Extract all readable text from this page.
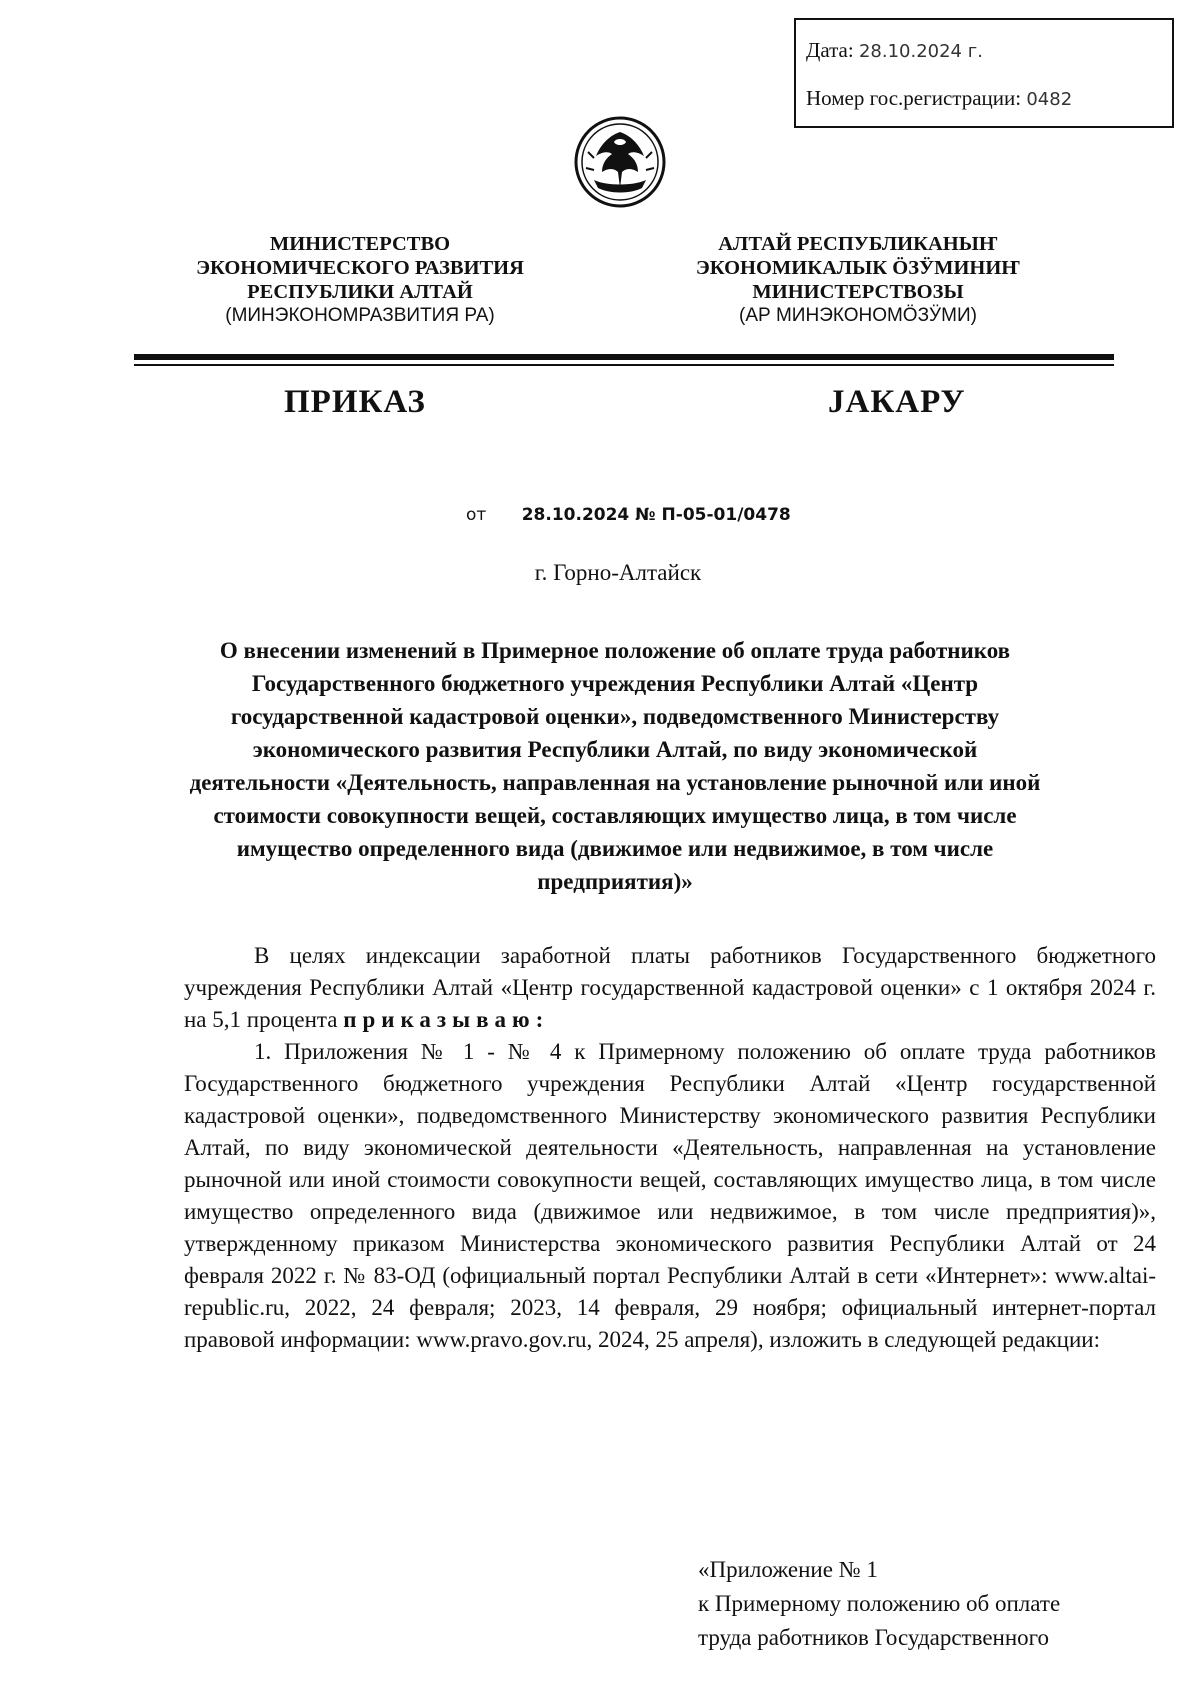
Дата: 28.10.2024 г.
Номер гос.регистрации: 0482
МИНИСТЕРСТВО
ЭКОНОМИЧЕСКОГО РАЗВИТИЯ
РЕСПУБЛИКИ АЛТАЙ
(МИНЭКОНОМРАЗВИТИЯ РА)
АЛТАЙ РЕСПУБЛИКАНЫҤ
ЭКОНОМИКАЛЫК ӦЗӰМИНИҤ
МИНИСТЕРСТВОЗЫ
(АР МИНЭКОНОМӦЗӰМИ)
ПРИКАЗ	ЈАКАРУ
от 28.10.2024 № П-05-01/0478
г. Горно-Алтайск
О внесении изменений в Примерное положение об оплате труда работников Государственного бюджетного учреждения Республики Алтай «Центр государственной кадастровой оценки», подведомственного Министерству экономического развития Республики Алтай, по виду экономической деятельности «Деятельность, направленная на установление рыночной или иной стоимости совокупности вещей, составляющих имущество лица, в том числе имущество определенного вида (движимое или недвижимое, в том числе предприятия)»

В целях индексации заработной платы работников Государственного бюджетного учреждения Республики Алтай «Центр государственной кадастровой оценки» с 1 октября 2024 г. на 5,1 процента приказываю:

1. Приложения № 1 - № 4 к Примерному положению об оплате труда работников Государственного бюджетного учреждения Республики Алтай «Центр государственной кадастровой оценки», подведомственного Министерству экономического развития Республики Алтай, по виду экономической деятельности «Деятельность, направленная на установление рыночной или иной стоимости совокупности вещей, составляющих имущество лица, в том числе имущество определенного вида (движимое или недвижимое, в том числе предприятия)», утвержденному приказом Министерства экономического развития Республики Алтай от 24 февраля 2022 г. № 83-ОД (официальный портал Республики Алтай в сети «Интернет»: www.altai-republic.ru, 2022, 24 февраля; 2023, 14 февраля, 29 ноября; официальный интернет-портал правовой информации: www.pravo.gov.ru, 2024, 25 апреля), изложить в следующей редакции:

«Приложение № 1
к Примерному положению об оплате
труда работников Государственного
